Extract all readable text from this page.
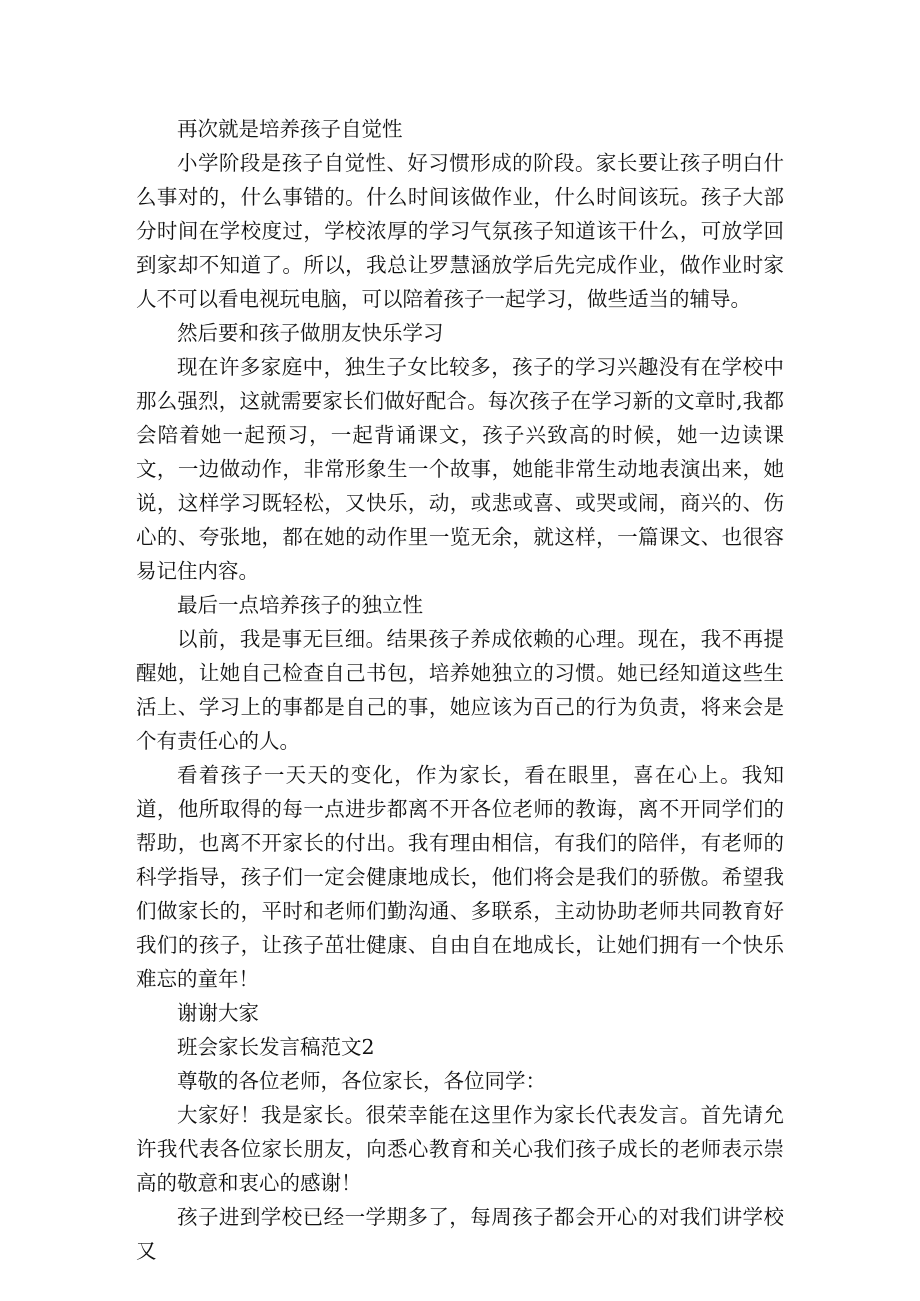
再次就是培养孩子自觉性

小学阶段是孩子自觉性、好习惯形成的阶段。家长要让孩子明白什么事对的，什么事错的。什么时间该做作业，什么时间该玩。孩子大部分时间在学校度过，学校浓厚的学习气氛孩子知道该干什么，可放学回到家却不知道了。所以，我总让罗慧涵放学后先完成作业，做作业时家人不可以看电视玩电脑，可以陪着孩子一起学习，做些适当的辅导。

然后要和孩子做朋友快乐学习

现在许多家庭中，独生子女比较多，孩子的学习兴趣没有在学校中那么强烈，这就需要家长们做好配合。每次孩子在学习新的文章时,我都会陪着她一起预习，一起背诵课文，孩子兴致高的时候，她一边读课文，一边做动作，非常形象生一个故事，她能非常生动地表演出来，她说，这样学习既轻松，又快乐，动，或悲或喜、或哭或闹，商兴的、伤心的、夸张地，都在她的动作里一览无余，就这样，一篇课文、也很容易记住内容。

最后一点培养孩子的独立性

以前，我是事无巨细。结果孩子养成依赖的心理。现在，我不再提醒她，让她自己检查自己书包，培养她独立的习惯。她已经知道这些生活上、学习上的事都是自己的事，她应该为百己的行为负责，将来会是个有责任心的人。

看着孩子一天天的变化，作为家长，看在眼里，喜在心上。我知道，他所取得的每一点进步都离不开各位老师的教诲，离不开同学们的帮助，也离不开家长的付出。我有理由相信，有我们的陪伴，有老师的科学指导，孩子们一定会健康地成长，他们将会是我们的骄傲。希望我们做家长的，平时和老师们勤沟通、多联系，主动协助老师共同教育好我们的孩子，让孩子茁壮健康、自由自在地成长，让她们拥有一个快乐难忘的童年！

谢谢大家

班会家长发言稿范文2

尊敬的各位老师，各位家长，各位同学：

大家好！我是家长。很荣幸能在这里作为家长代表发言。首先请允许我代表各位家长朋友，向悉心教育和关心我们孩子成长的老师表示崇高的敬意和衷心的感谢！

孩子进到学校已经一学期多了，每周孩子都会开心的对我们讲学校又
